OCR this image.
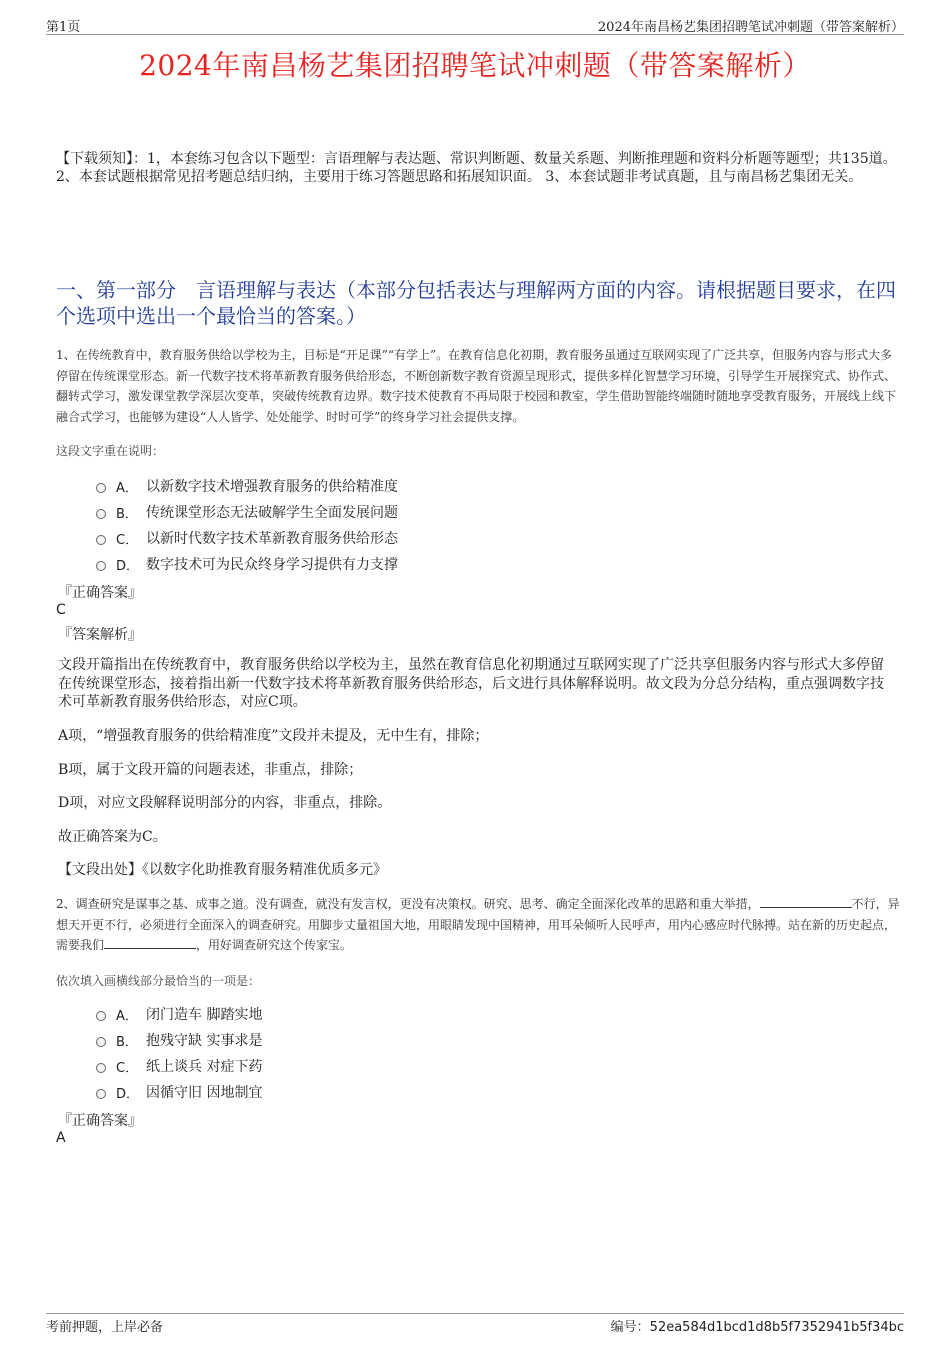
第1页	2024年南昌杨艺集团招聘笔试冲刺题（带答案解析）
2024年南昌杨艺集团招聘笔试冲刺题（带答案解析）
【下载须知】：1，本套练习包含以下题型：言语理解与表达题、常识判断题、数量关系题、判断推理题和资料分析题等题型；共135道。 2、本套试题根据常见招考题总结归纳，主要用于练习答题思路和拓展知识面。 3、本套试题非考试真题，且与南昌杨艺集团无关。
一、第一部分　言语理解与表达（本部分包括表达与理解两方面的内容。请根据题目要求，在四个选项中选出一个最恰当的答案。）
1、在传统教育中，教育服务供给以学校为主，目标是“开足课”“有学上”。在教育信息化初期，教育服务虽通过互联网实现了广泛共享，但服务内容与形式大多停留在传统课堂形态。新一代数字技术将革新教育服务供给形态，不断创新数字教育资源呈现形式，提供多样化智慧学习环境，引导学生开展探究式、协作式、翻转式学习，激发课堂教学深层次变革，突破传统教育边界。数字技术使教育不再局限于校园和教室，学生借助智能终端随时随地享受教育服务，开展线上线下融合式学习，也能够为建设“人人皆学、处处能学、时时可学”的终身学习社会提供支撑。
这段文字重在说明：
A． 以新数字技术增强教育服务的供给精准度
B． 传统课堂形态无法破解学生全面发展问题
C． 以新时代数字技术革新教育服务供给形态
D． 数字技术可为民众终身学习提供有力支撑
『正确答案』
C
『答案解析』
文段开篇指出在传统教育中，教育服务供给以学校为主，虽然在教育信息化初期通过互联网实现了广泛共享但服务内容与形式大多停留在传统课堂形态，接着指出新一代数字技术将革新教育服务供给形态，后文进行具体解释说明。故文段为分总分结构，重点强调数字技术可革新教育服务供给形态，对应C项。
A项，“增强教育服务的供给精准度”文段并未提及，无中生有，排除；
B项，属于文段开篇的问题表述，非重点，排除；
D项，对应文段解释说明部分的内容，非重点，排除。
故正确答案为C。
【文段出处】《以数字化助推教育服务精准优质多元》
2、调查研究是谋事之基、成事之道。没有调查，就没有发言权，更没有决策权。研究、思考、确定全面深化改革的思路和重大举措，	不行，异想天开更不行，必须进行全面深入的调查研究。用脚步丈量祖国大地，用眼睛发现中国精神，用耳朵倾听人民呼声，用内心感应时代脉搏。站在新的历史起点，需要我们	，用好调查研究这个传家宝。
依次填入画横线部分最恰当的一项是：
A． 闭门造车 脚踏实地
B． 抱残守缺 实事求是
C． 纸上谈兵 对症下药
D． 因循守旧 因地制宜
『正确答案』
A
考前押题，上岸必备	编号：52ea584d1bcd1d8b5f7352941b5f34bc
